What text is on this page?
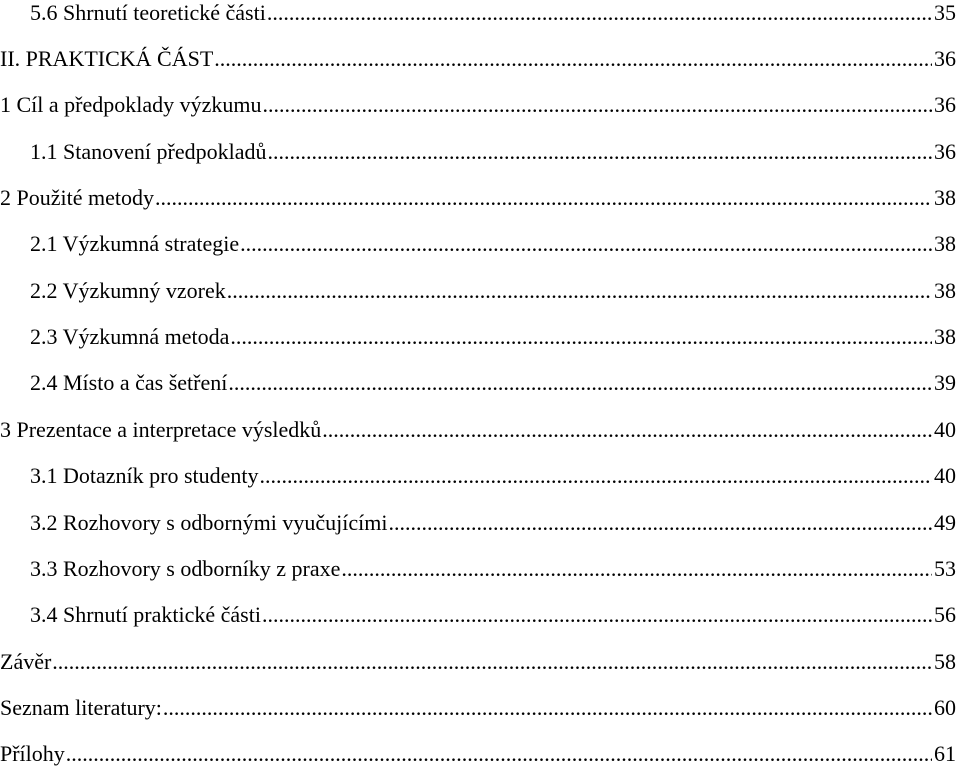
5.6 Shrnutí teoretické části .....	35
II. PRAKTICKÁ ČÁST .....	36
1 Cíl a předpoklady výzkumu .....	36
1.1 Stanovení předpokladů .....	36
2 Použité metody .....	38
2.1 Výzkumná strategie .....	38
2.2 Výzkumný vzorek .....	38
2.3 Výzkumná metoda .....	38
2.4 Místo a čas šetření .....	39
3 Prezentace a interpretace výsledků .....	40
3.1 Dotazník pro studenty .....	40
3.2 Rozhovory s odbornými vyučujícími .....	49
3.3 Rozhovory s odborníky z praxe .....	53
3.4 Shrnutí praktické části .....	56
Závěr .....	58
Seznam literatury: .....	60
Přílohy .....	61
